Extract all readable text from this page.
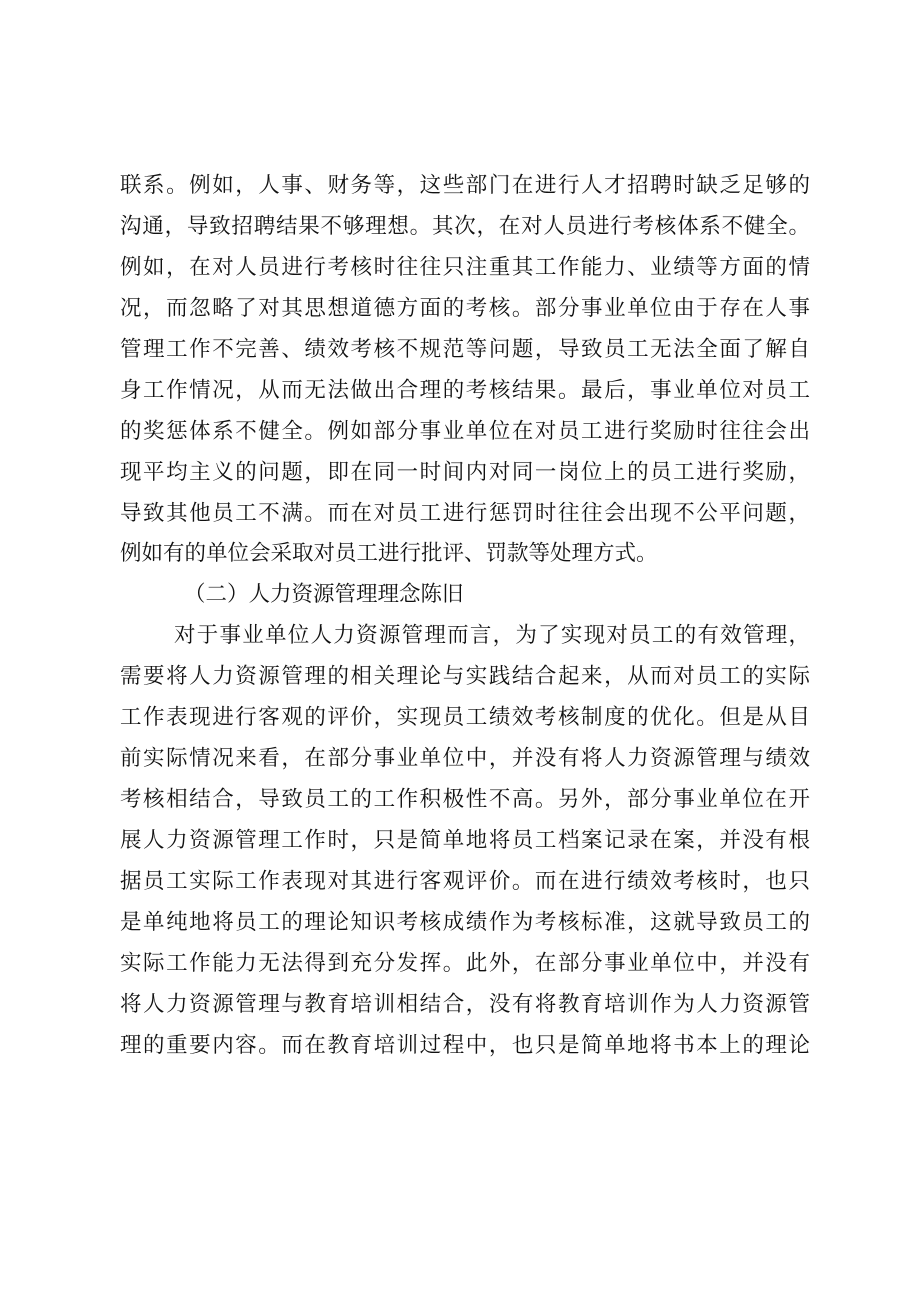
联系。例如，人事、财务等，这些部门在进行人才招聘时缺乏足够的
沟通，导致招聘结果不够理想。其次，在对人员进行考核体系不健全。
例如，在对人员进行考核时往往只注重其工作能力、业绩等方面的情
况，而忽略了对其思想道德方面的考核。部分事业单位由于存在人事
管理工作不完善、绩效考核不规范等问题，导致员工无法全面了解自
身工作情况，从而无法做出合理的考核结果。最后，事业单位对员工
的奖惩体系不健全。例如部分事业单位在对员工进行奖励时往往会出
现平均主义的问题，即在同一时间内对同一岗位上的员工进行奖励，
导致其他员工不满。而在对员工进行惩罚时往往会出现不公平问题，
例如有的单位会采取对员工进行批评、罚款等处理方式。
（二）人力资源管理理念陈旧
对于事业单位人力资源管理而言，为了实现对员工的有效管理，
需要将人力资源管理的相关理论与实践结合起来，从而对员工的实际
工作表现进行客观的评价，实现员工绩效考核制度的优化。但是从目
前实际情况来看，在部分事业单位中，并没有将人力资源管理与绩效
考核相结合，导致员工的工作积极性不高。另外，部分事业单位在开
展人力资源管理工作时，只是简单地将员工档案记录在案，并没有根
据员工实际工作表现对其进行客观评价。而在进行绩效考核时，也只
是单纯地将员工的理论知识考核成绩作为考核标准，这就导致员工的
实际工作能力无法得到充分发挥。此外，在部分事业单位中，并没有
将人力资源管理与教育培训相结合，没有将教育培训作为人力资源管
理的重要内容。而在教育培训过程中，也只是简单地将书本上的理论
